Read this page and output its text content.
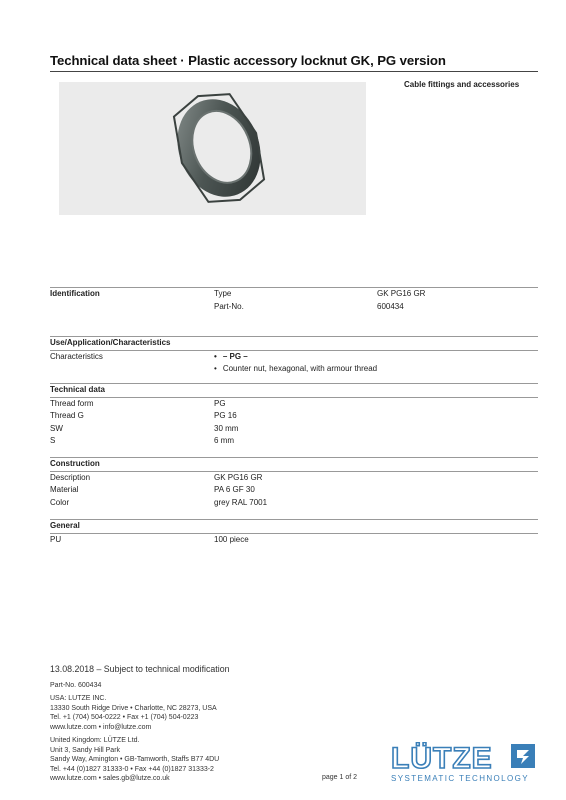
Technical data sheet · Plastic accessory locknut GK, PG version
Cable fittings and accessories
Identification	Type	GK PG16 GR
Part-No.	600434
Use/Application/Characteristics
Characteristics
•	– PG –
• Counter nut, hexagonal, with armour thread
Technical data
Thread form	PG
Thread G	PG 16
SW	30 mm
S	6 mm
Construction
Description	GK PG16 GR
Material	PA 6 GF 30
Color	grey RAL 7001
General
PU	100 piece
13.08.2018 – Subject to technical modification
Part-No. 600434
USA: LUTZE INC.
13330 South Ridge Drive • Charlotte, NC 28273, USA
Tel. +1 (704) 504-0222 • Fax +1 (704) 504-0223
www.lutze.com • info@lutze.com
United Kingdom: LÜTZE Ltd.
Unit 3, Sandy Hill Park
Sandy Way, Amington • GB-Tamworth, Staffs B77 4DU
Tel. +44 (0)1827 31333-0 • Fax +44 (0)1827 31333-2
www.lutze.com • sales.gb@lutze.co.uk	page 1 of 2
LÜTZE
SYSTEMATIC TECHNOLOGY
